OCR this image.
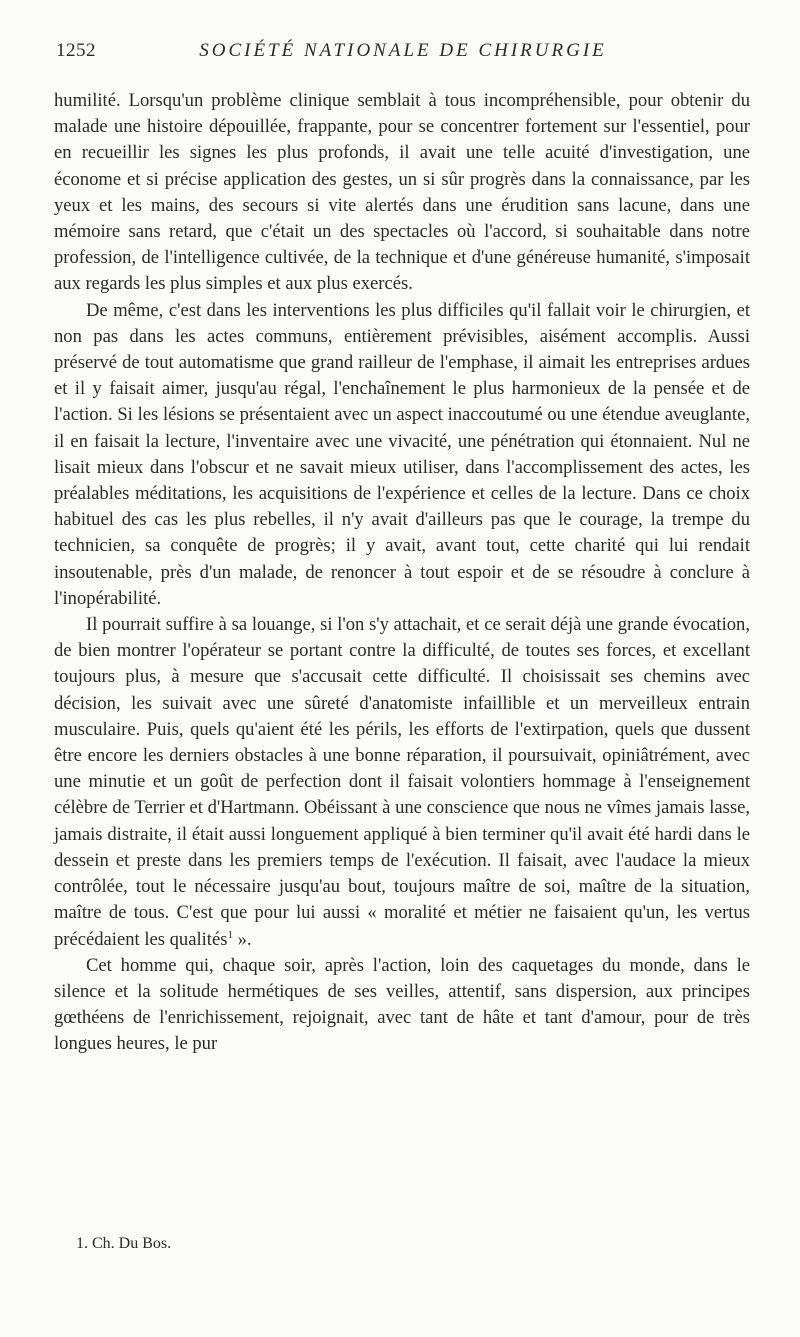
1252	SOCIÉTÉ NATIONALE DE CHIRURGIE

humilité. Lorsqu'un problème clinique semblait à tous incompréhensible, pour obtenir du malade une histoire dépouillée, frappante, pour se concentrer fortement sur l'essentiel, pour en recueillir les signes les plus profonds, il avait une telle acuité d'investigation, une économe et si précise application des gestes, un si sûr progrès dans la connaissance, par les yeux et les mains, des secours si vite alertés dans une érudition sans lacune, dans une mémoire sans retard, que c'était un des spectacles où l'accord, si souhaitable dans notre profession, de l'intelligence cultivée, de la technique et d'une généreuse humanité, s'imposait aux regards les plus simples et aux plus exercés.

De même, c'est dans les interventions les plus difficiles qu'il fallait voir le chirurgien, et non pas dans les actes communs, entièrement prévisibles, aisément accomplis. Aussi préservé de tout automatisme que grand railleur de l'emphase, il aimait les entreprises ardues et il y faisait aimer, jusqu'au régal, l'enchaînement le plus harmonieux de la pensée et de l'action. Si les lésions se présentaient avec un aspect inaccoutumé ou une étendue aveuglante, il en faisait la lecture, l'inventaire avec une vivacité, une pénétration qui étonnaient. Nul ne lisait mieux dans l'obscur et ne savait mieux utiliser, dans l'accomplissement des actes, les préalables méditations, les acquisitions de l'expérience et celles de la lecture. Dans ce choix habituel des cas les plus rebelles, il n'y avait d'ailleurs pas que le courage, la trempe du technicien, sa conquête de progrès; il y avait, avant tout, cette charité qui lui rendait insoutenable, près d'un malade, de renoncer à tout espoir et de se résoudre à conclure à l'inopérabilité.

Il pourrait suffire à sa louange, si l'on s'y attachait, et ce serait déjà une grande évocation, de bien montrer l'opérateur se portant contre la difficulté, de toutes ses forces, et excellant toujours plus, à mesure que s'accusait cette difficulté. Il choisissait ses chemins avec décision, les suivait avec une sûreté d'anatomiste infaillible et un merveilleux entrain musculaire. Puis, quels qu'aient été les périls, les efforts de l'extirpation, quels que dussent être encore les derniers obstacles à une bonne réparation, il poursuivait, opiniâtrément, avec une minutie et un goût de perfection dont il faisait volontiers hommage à l'enseignement célèbre de Terrier et d'Hartmann. Obéissant à une conscience que nous ne vîmes jamais lasse, jamais distraite, il était aussi longuement appliqué à bien terminer qu'il avait été hardi dans le dessein et preste dans les premiers temps de l'exécution. Il faisait, avec l'audace la mieux contrôlée, tout le nécessaire jusqu'au bout, toujours maître de soi, maître de la situation, maître de tous. C'est que pour lui aussi « moralité et métier ne faisaient qu'un, les vertus précédaient les qualités$^1$ ».

Cet homme qui, chaque soir, après l'action, loin des caquetages du monde, dans le silence et la solitude hermétiques de ses veilles, attentif, sans dispersion, aux principes gœthéens de l'enrichissement, rejoignait, avec tant de hâte et tant d'amour, pour de très longues heures, le pur

1. Ch. Du Bos.
